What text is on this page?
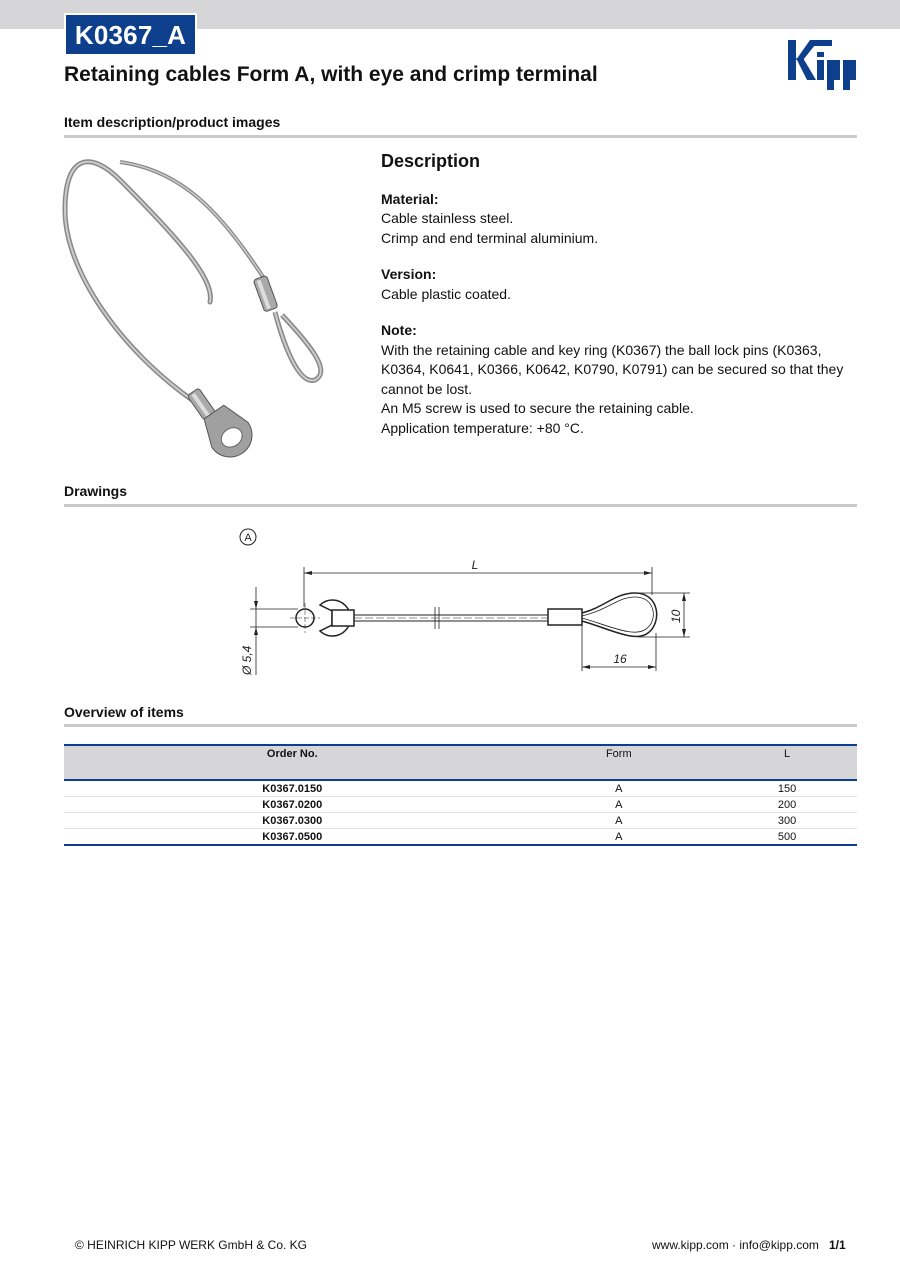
K0367_A
Retaining cables Form A, with eye and crimp terminal
Item description/product images
Description
Material:
Cable stainless steel.
Crimp and end terminal aluminium.
Version:
Cable plastic coated.
Note:
With the retaining cable and key ring (K0367) the ball lock pins (K0363, K0364, K0641, K0366, K0642, K0790, K0791) can be secured so that they cannot be lost.
An M5 screw is used to secure the retaining cable.
Application temperature: +80 °C.
Drawings
A
L
10
16
Ø 5,4
Overview of items
Order No.	Form	L
K0367.0150	A	150
K0367.0200	A	200
K0367.0300	A	300
K0367.0500	A	500
© HEINRICH KIPP WERK GmbH & Co. KG	www.kipp.com · info@kipp.com 1/1
